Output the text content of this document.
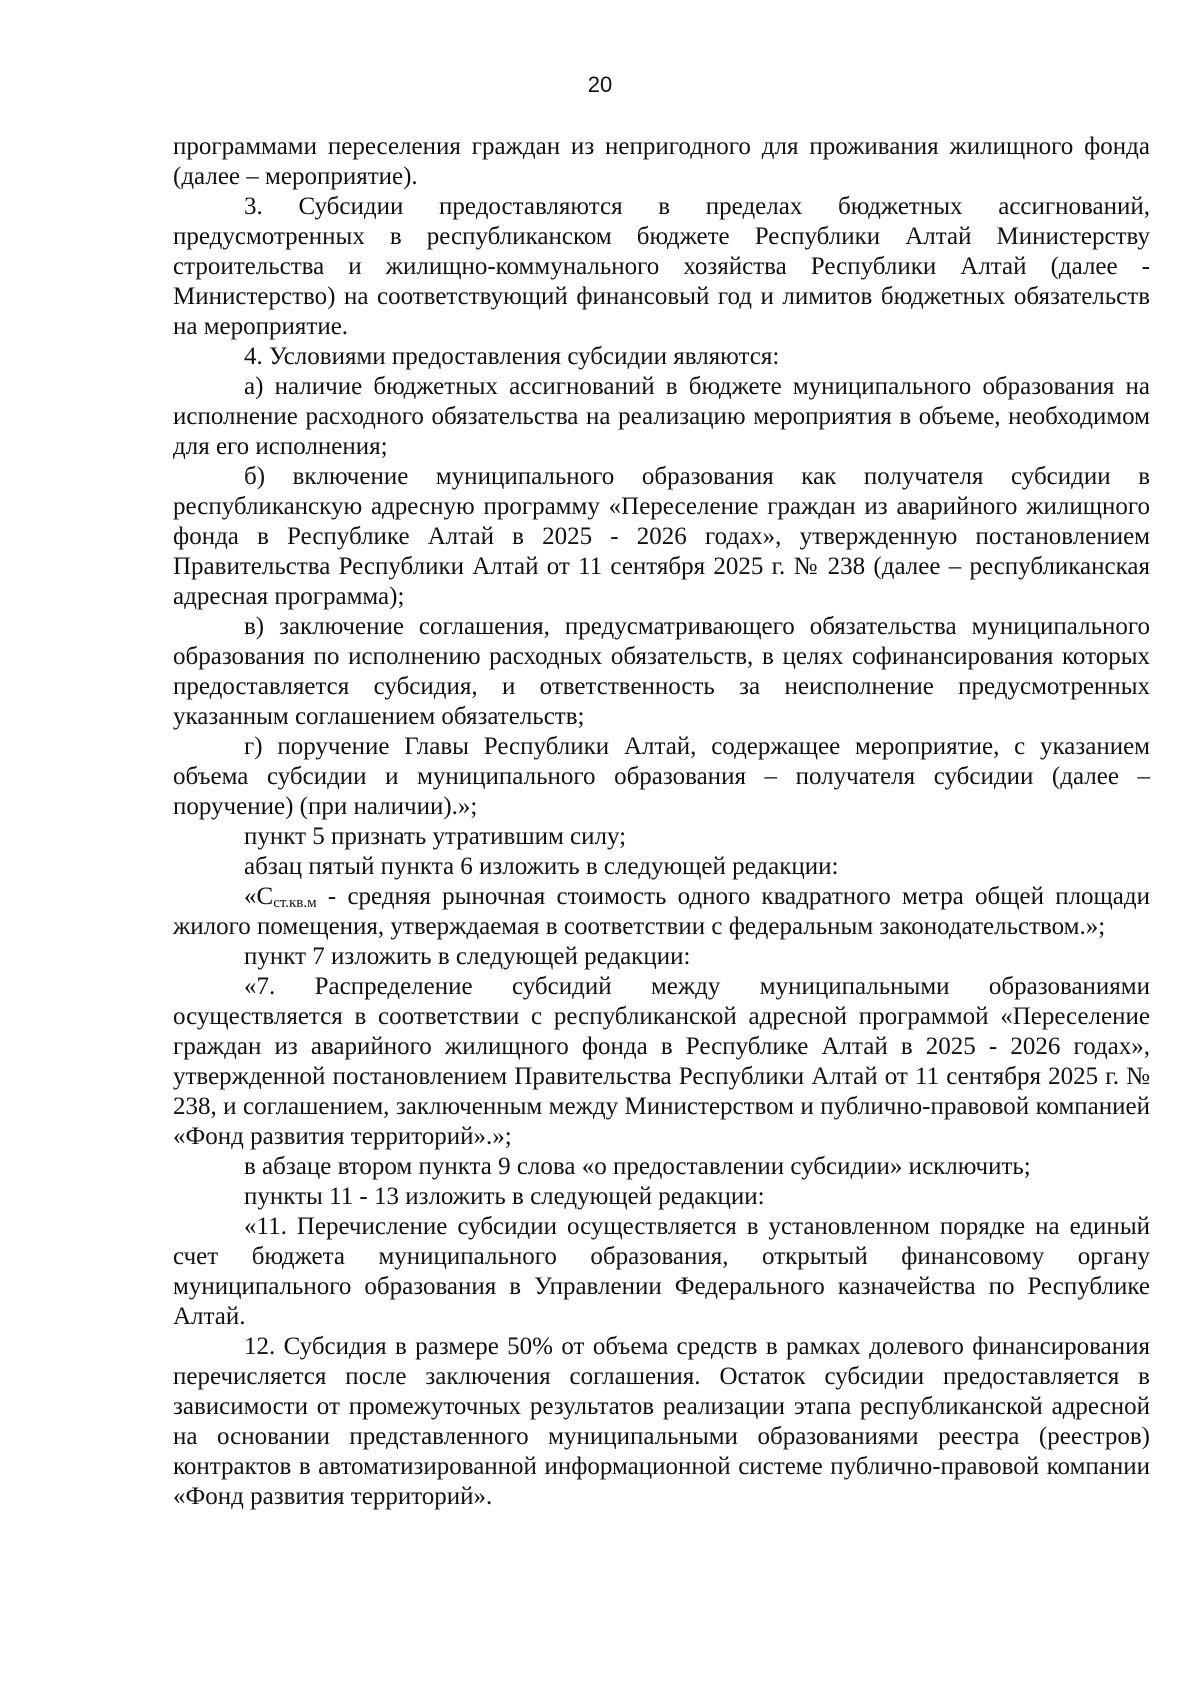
20

программами переселения граждан из непригодного для проживания жилищного фонда (далее – мероприятие).

3. Субсидии предоставляются в пределах бюджетных ассигнований, предусмотренных в республиканском бюджете Республики Алтай Министерству строительства и жилищно-коммунального хозяйства Республики Алтай (далее - Министерство) на соответствующий финансовый год и лимитов бюджетных обязательств на мероприятие.

4. Условиями предоставления субсидии являются:

а) наличие бюджетных ассигнований в бюджете муниципального образования на исполнение расходного обязательства на реализацию мероприятия в объеме, необходимом для его исполнения;

б) включение муниципального образования как получателя субсидии в республиканскую адресную программу «Переселение граждан из аварийного жилищного фонда в Республике Алтай в 2025 - 2026 годах», утвержденную постановлением Правительства Республики Алтай от 11 сентября 2025 г. № 238 (далее – республиканская адресная программа);

в) заключение соглашения, предусматривающего обязательства муниципального образования по исполнению расходных обязательств, в целях софинансирования которых предоставляется субсидия, и ответственность за неисполнение предусмотренных указанным соглашением обязательств;

г) поручение Главы Республики Алтай, содержащее мероприятие, с указанием объема субсидии и муниципального образования – получателя субсидии (далее – поручение) (при наличии).»;

пункт 5 признать утратившим силу;

абзац пятый пункта 6 изложить в следующей редакции:

«$С_{ст.кв.м}$ - средняя рыночная стоимость одного квадратного метра общей площади жилого помещения, утверждаемая в соответствии с федеральным законодательством.»;

пункт 7 изложить в следующей редакции:

«7. Распределение субсидий между муниципальными образованиями осуществляется в соответствии с республиканской адресной программой «Переселение граждан из аварийного жилищного фонда в Республике Алтай в 2025 - 2026 годах», утвержденной постановлением Правительства Республики Алтай от 11 сентября 2025 г. № 238, и соглашением, заключенным между Министерством и публично-правовой компанией «Фонд развития территорий».»;

в абзаце втором пункта 9 слова «о предоставлении субсидии» исключить;

пункты 11 - 13 изложить в следующей редакции:

«11. Перечисление субсидии осуществляется в установленном порядке на единый счет бюджета муниципального образования, открытый финансовому органу муниципального образования в Управлении Федерального казначейства по Республике Алтай.

12. Субсидия в размере 50% от объема средств в рамках долевого финансирования перечисляется после заключения соглашения. Остаток субсидии предоставляется в зависимости от промежуточных результатов реализации этапа республиканской адресной на основании представленного муниципальными образованиями реестра (реестров) контрактов в автоматизированной информационной системе публично-правовой компании «Фонд развития территорий».
